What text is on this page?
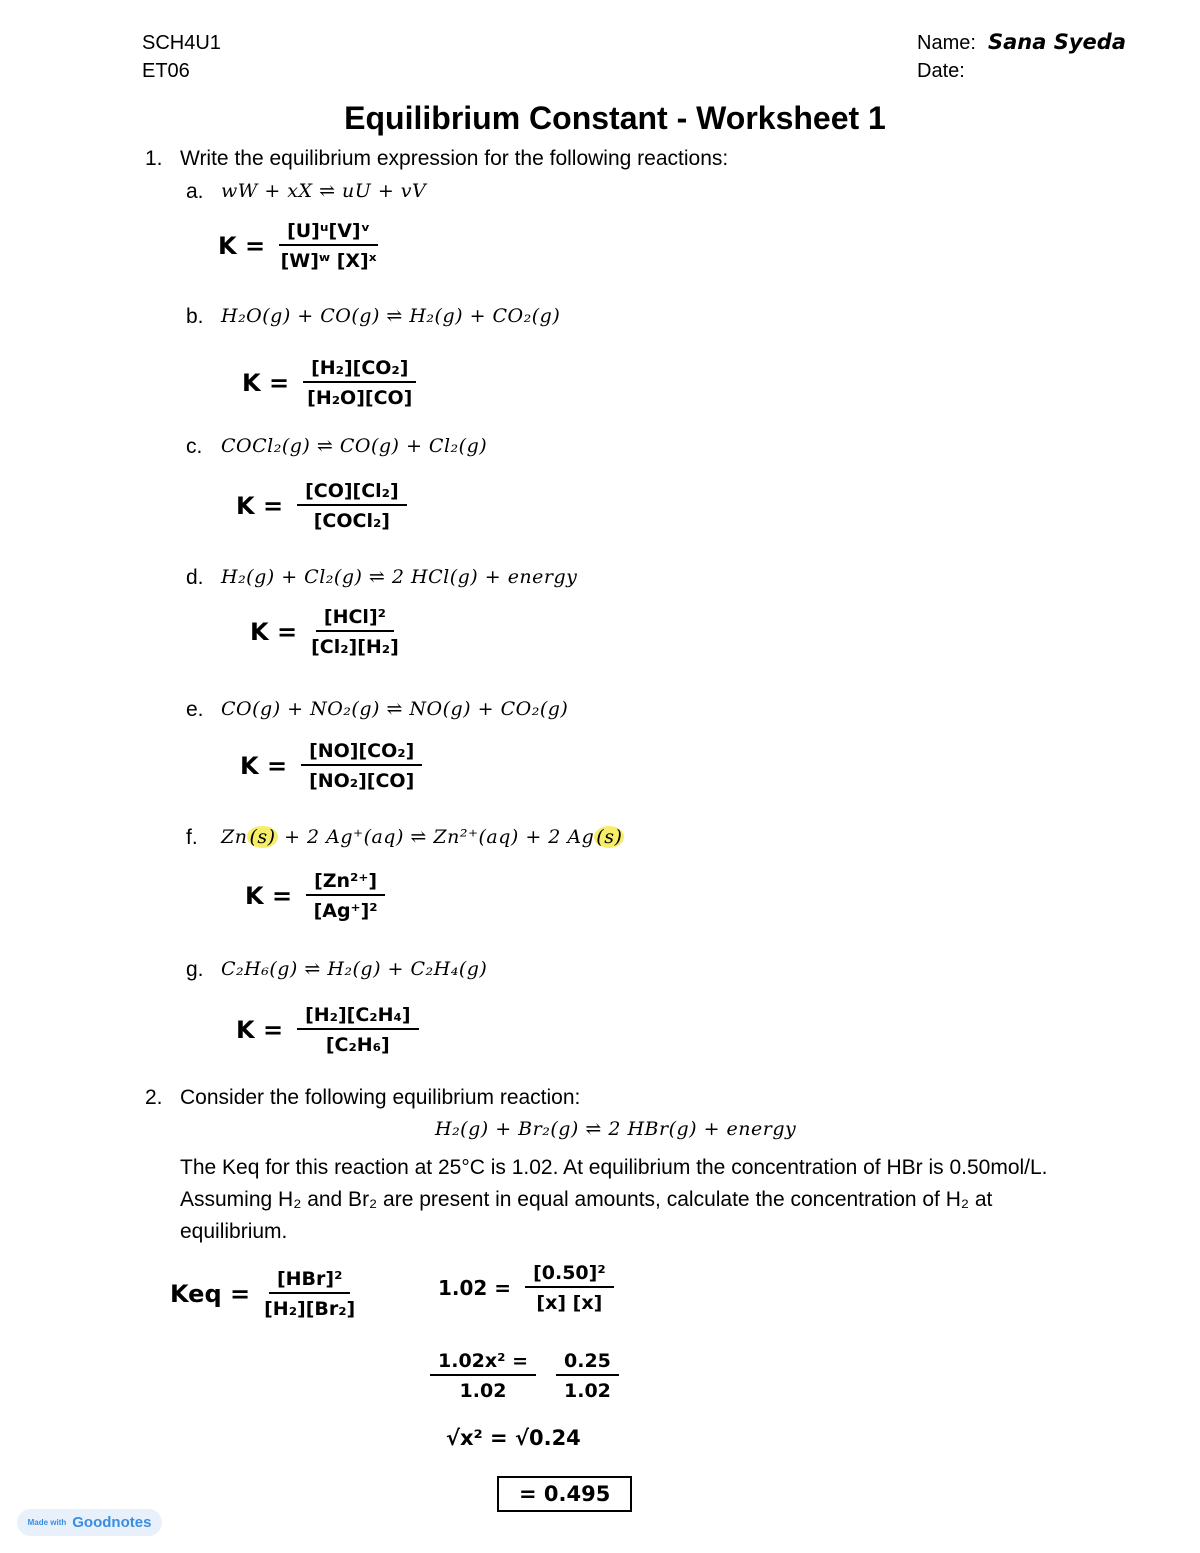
SCH4U1
ET06
Name: Sana Syeda
Date:
Equilibrium Constant - Worksheet 1
1. Write the equilibrium expression for the following reactions:
a. wW + xX ⇌ uU + vV
$K = \frac{\text{[U]ᵘ[V]ᵛ}}{\text{[W]ʷ [X]ˣ}}$
b. H₂O(g) + CO(g) ⇌ H₂(g) + CO₂(g)
$K = \frac{\text{[H₂][CO₂]}}{\text{[H₂O][CO]}}$
c. COCl₂(g) ⇌ CO(g) + Cl₂(g)
$K = \frac{\text{[CO][Cl₂]}}{\text{[COCl₂]}}$
d. H₂(g) + Cl₂(g) ⇌ 2 HCl(g) + energy
$K = \frac{\text{[HCl]²}}{\text{[Cl₂][H₂]}}$
e. CO(g) + NO₂(g) ⇌ NO(g) + CO₂(g)
$K = \frac{\text{[NO][CO₂]}}{\text{[NO₂][CO]}}$
f. Zn (s) + 2 Ag⁺(aq) ⇌ Zn²⁺(aq) + 2 Ag (s)
$K = \frac{\text{[Zn²⁺]}}{\text{[Ag⁺]²}}$
g. C₂H₆(g) ⇌ H₂(g) + C₂H₄(g)
$K = \frac{\text{[H₂][C₂H₄]}}{\text{[C₂H₆]}}$
2. Consider the following equilibrium reaction:
H₂(g) + Br₂(g) ⇌ 2 HBr(g) + energy
The Keq for this reaction at 25°C is 1.02. At equilibrium the concentration of HBr is 0.50mol/L. Assuming H₂ and Br₂ are present in equal amounts, calculate the concentration of H₂ at equilibrium.
Keq = $\frac{\text{[HBr]²}}{\text{[H₂][Br₂]}}$	$1.02 = \frac{\text{[0.50]²}}{[x] [x]}$
$\frac{\text{1.02x² =}}{1.02} \frac{0.25}{1.02}$
√x² = √0.24
= 0.495
Made with Goodnotes
